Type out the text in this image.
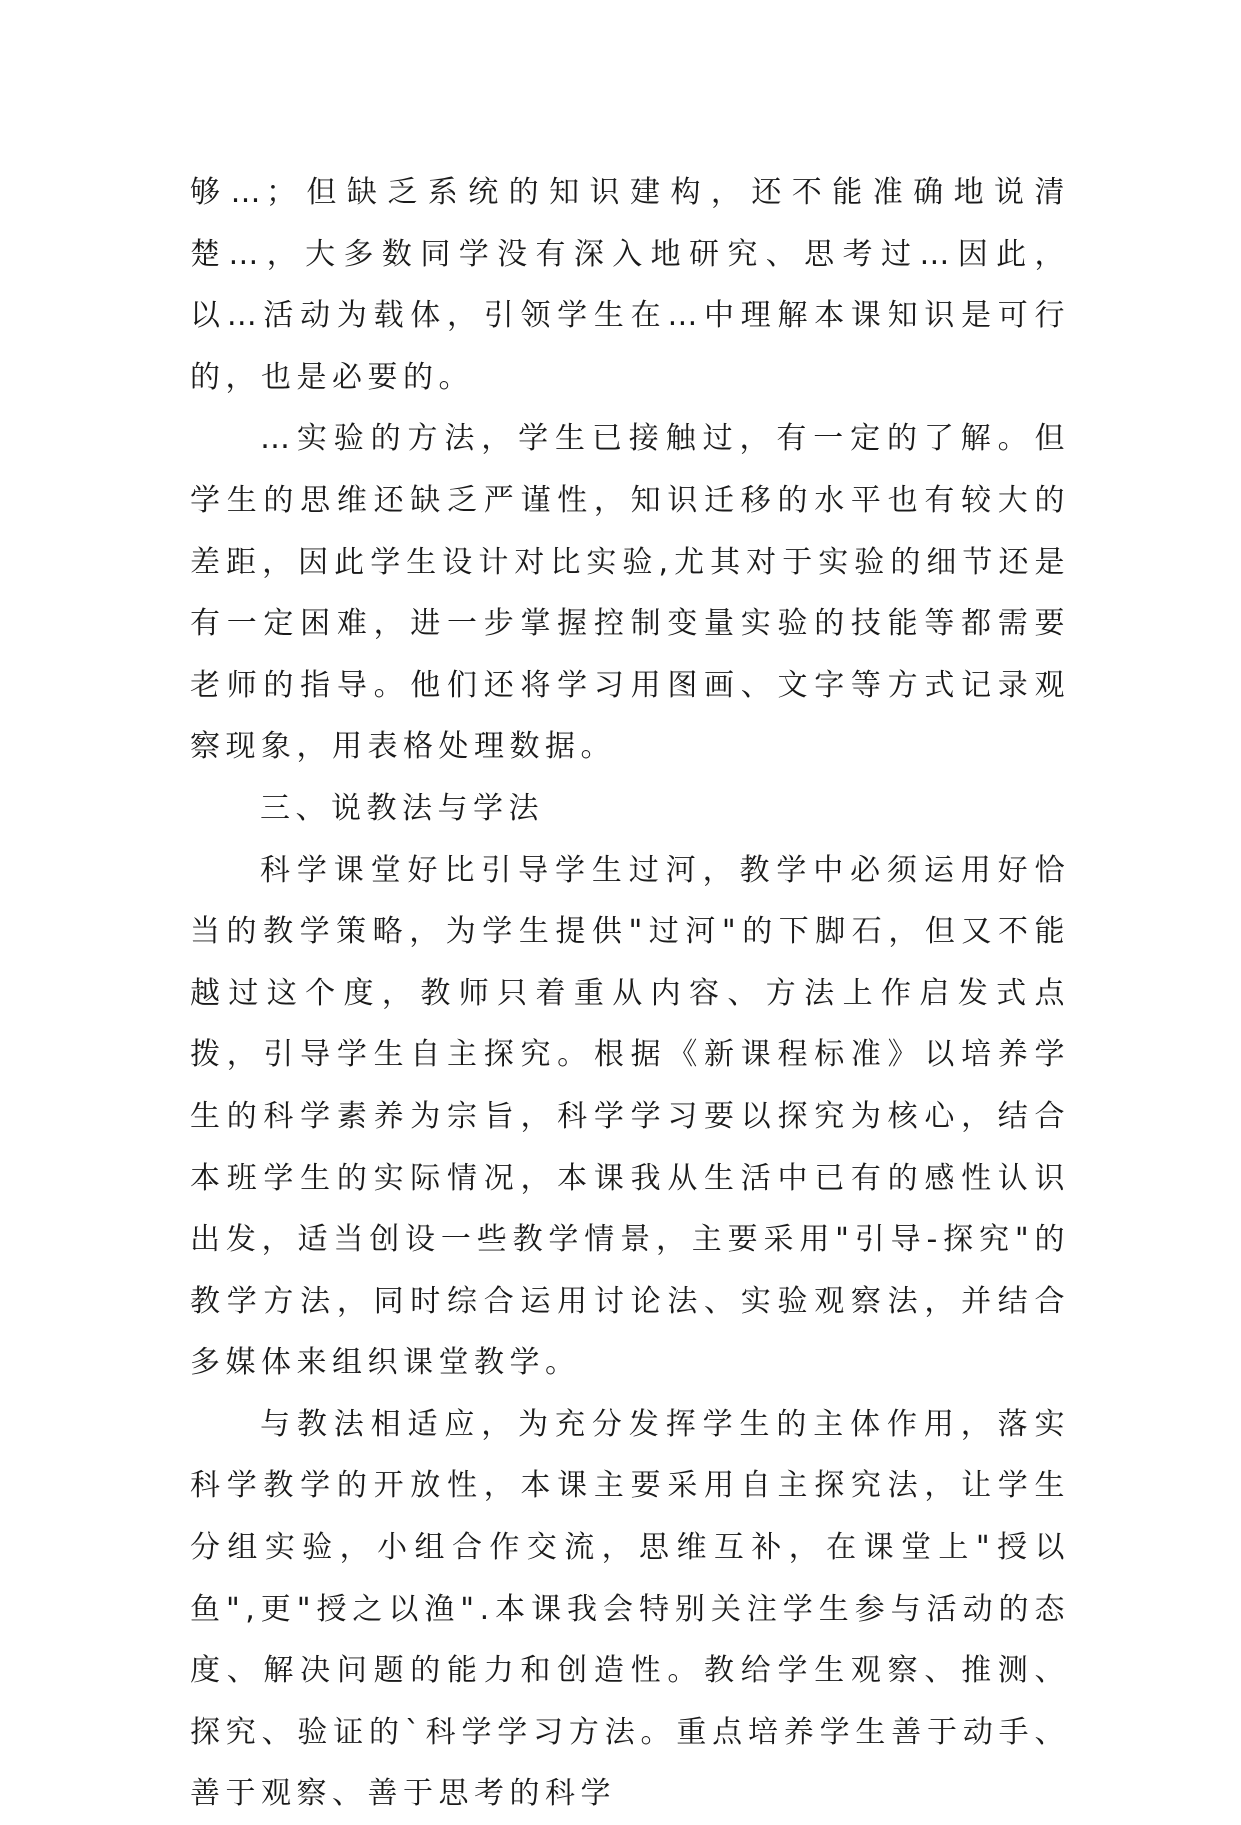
够…；但缺乏系统的知识建构，还不能准确地说清楚…，大多数同学没有深入地研究、思考过…因此，以…活动为载体，引领学生在…中理解本课知识是可行的，也是必要的。

…实验的方法，学生已接触过，有一定的了解。但学生的思维还缺乏严谨性，知识迁移的水平也有较大的差距，因此学生设计对比实验,尤其对于实验的细节还是有一定困难，进一步掌握控制变量实验的技能等都需要老师的指导。他们还将学习用图画、文字等方式记录观察现象，用表格处理数据。

三、说教法与学法

科学课堂好比引导学生过河，教学中必须运用好恰当的教学策略，为学生提供"过河"的下脚石，但又不能越过这个度，教师只着重从内容、方法上作启发式点拨，引导学生自主探究。根据《新课程标准》以培养学生的科学素养为宗旨，科学学习要以探究为核心，结合本班学生的实际情况，本课我从生活中已有的感性认识出发，适当创设一些教学情景，主要采用"引导-探究"的教学方法，同时综合运用讨论法、实验观察法，并结合多媒体来组织课堂教学。

与教法相适应，为充分发挥学生的主体作用，落实科学教学的开放性，本课主要采用自主探究法，让学生分组实验，小组合作交流，思维互补，在课堂上"授以鱼",更"授之以渔".本课我会特别关注学生参与活动的态度、解决问题的能力和创造性。教给学生观察、推测、探究、验证的`科学学习方法。重点培养学生善于动手、善于观察、善于思考的科学
